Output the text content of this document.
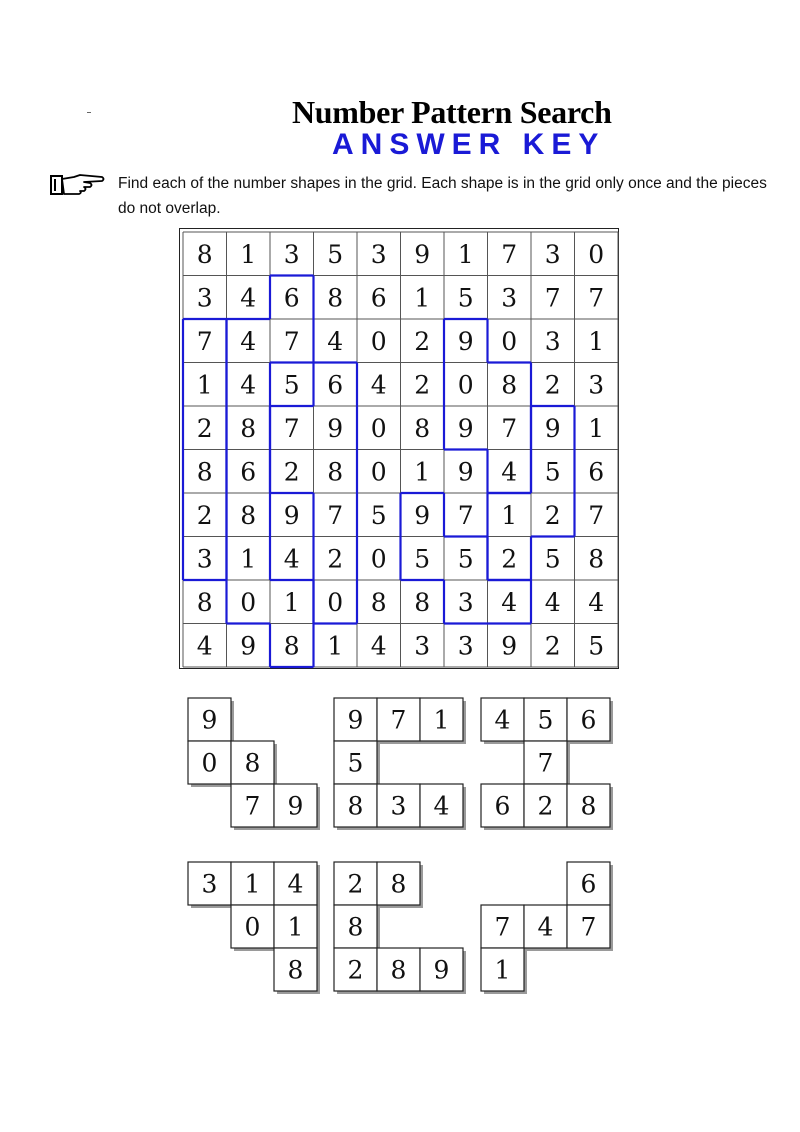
Number Pattern Search
ANSWER KEY
Find each of the number shapes in the grid. Each shape is in the grid only once and the pieces do not overlap.
8 1 3 5 3 9 1 7 3 0
3 4 6 8 6 1 5 3 7 7
7 4 7 4 0 2 9 0 3 1
1 4 5 6 4 2 0 8 2 3
2 8 7 9 0 8 9 7 9 1
8 6 2 8 0 1 9 4 5 6
2 8 9 7 5 9 7 1 2 7
3 1 4 2 0 5 5 2 5 8
8 0 1 0 8 8 3 4 4 4
4 9 8 1 4 3 3 9 2 5
9
0 8
7 9
9 7 1
5
8 3 4
4 5 6
7
6 2 8
3 1 4
0 1
8
2 8
8
2 8 9
6
7 4 7
1
